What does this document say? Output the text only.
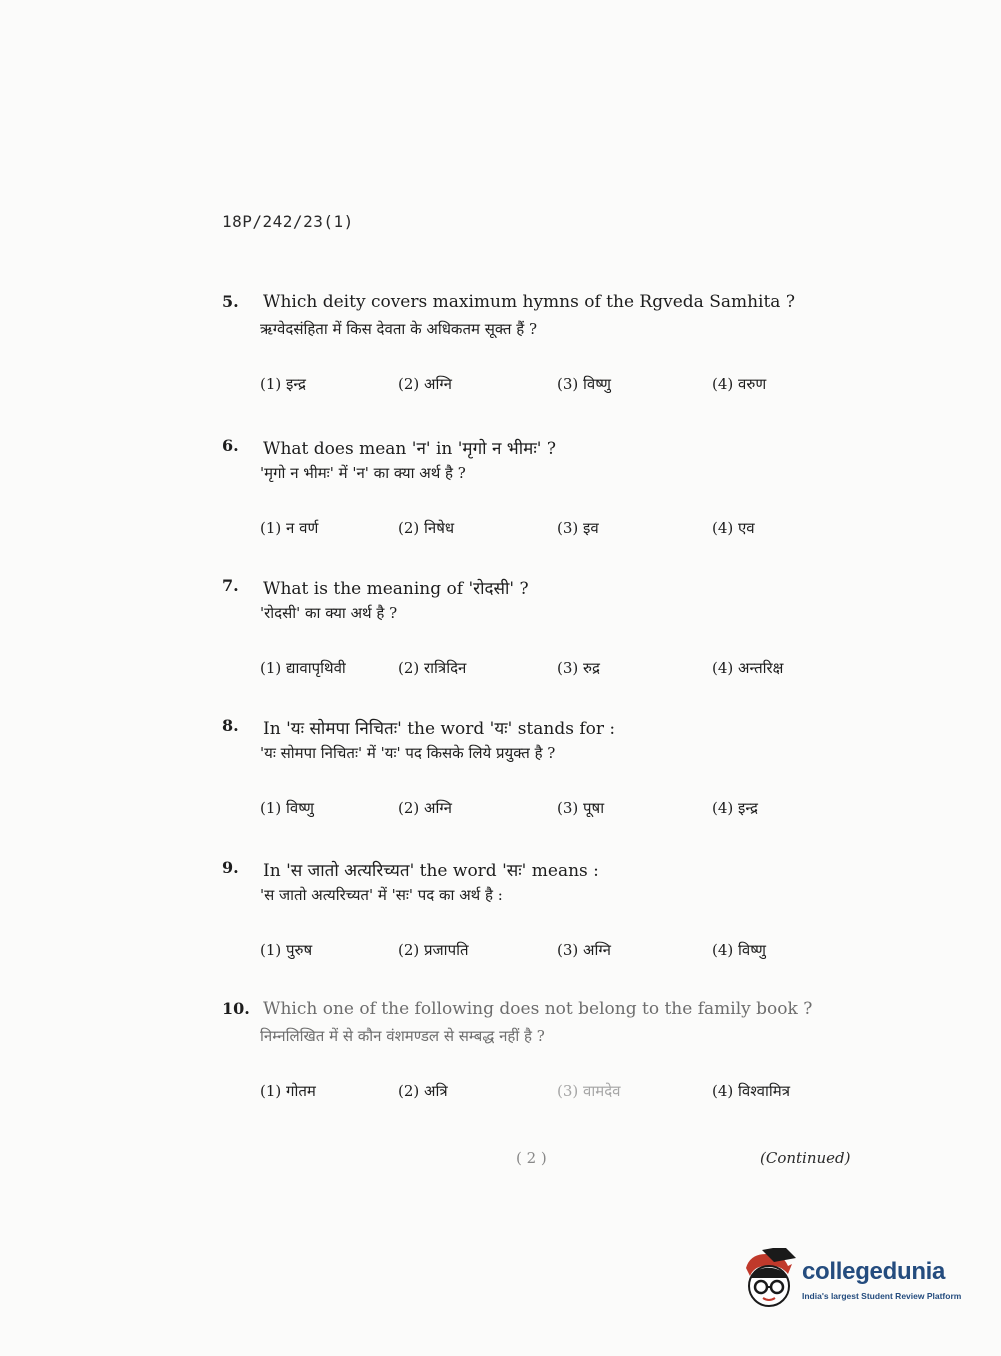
18P/242/23(1)
5.	Which deity covers maximum hymns of the Rgveda Samhita ?
ऋग्वेदसंहिता में किस देवता के अधिकतम सूक्त हैं ?
(1) इन्द्र	(2) अग्नि	(3) विष्णु	(4) वरुण
6.	What does mean 'न' in 'मृगो न भीमः' ?
'मृगो न भीमः' में 'न' का क्या अर्थ है ?
(1) न वर्ण	(2) निषेध	(3) इव	(4) एव
7.	What is the meaning of 'रोदसी' ?
'रोदसी' का क्या अर्थ है ?
(1) द्यावापृथिवी	(2) रात्रिदिन	(3) रुद्र	(4) अन्तरिक्ष
8.	In 'यः सोमपा निचितः' the word 'यः' stands for :
'यः सोमपा निचितः' में 'यः' पद किसके लिये प्रयुक्त है ?
(1) विष्णु	(2) अग्नि	(3) पूषा	(4) इन्द्र
9.	In 'स जातो अत्यरिच्यत' the word 'सः' means :
'स जातो अत्यरिच्यत' में 'सः' पद का अर्थ है :
(1) पुरुष	(2) प्रजापति	(3) अग्नि	(4) विष्णु
10. Which one of the following does not belong to the family book ?
निम्नलिखित में से कौन वंशमण्डल से सम्बद्ध नहीं है ?
(1) गोतम	(2) अत्रि	(3) वामदेव	(4) विश्वामित्र
( 2 )	(Continued)
collegedunia
India's largest Student Review Platform
